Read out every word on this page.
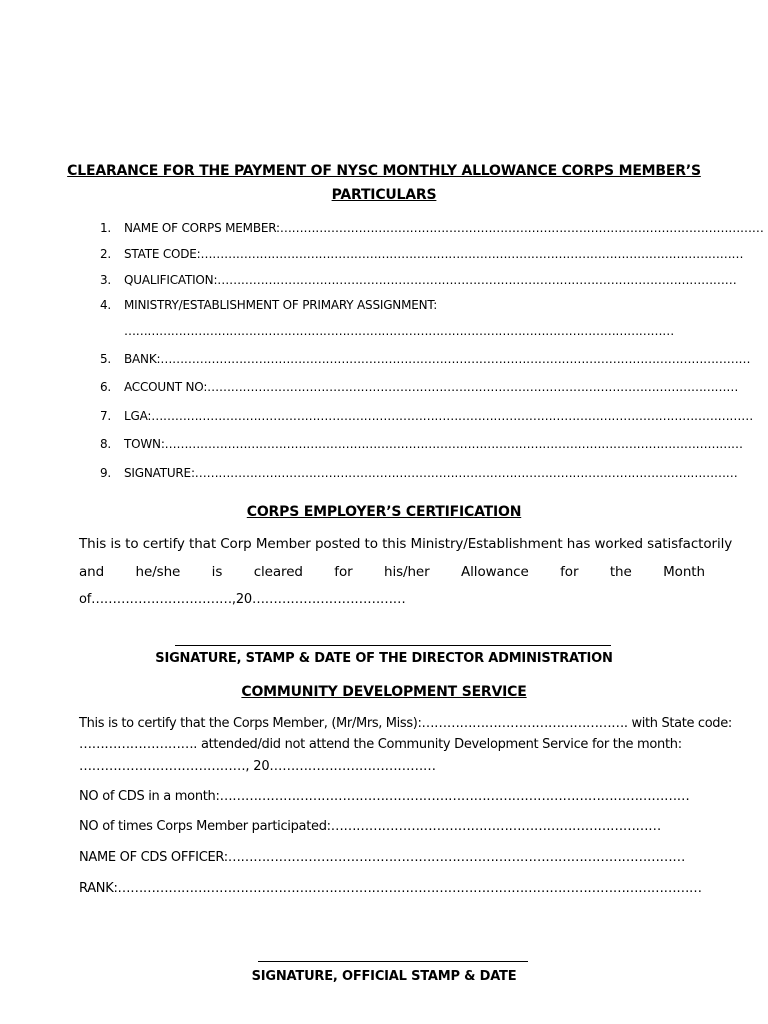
CLEARANCE FOR THE PAYMENT OF NYSC MONTHLY ALLOWANCE CORPS MEMBER’S
PARTICULARS
1. NAME OF CORPS MEMBER:……………………………………………………………………………………………………………
2. STATE CODE:…………………………………………………………………………………………………………………………
3. QUALIFICATION:……………………………………………………………………………………………………………………
4. MINISTRY/ESTABLISHMENT OF PRIMARY ASSIGNMENT:
……………………………………………………………………………………………………………………………
5. BANK:……………………………………………………………………………………………………………………………………
6. ACCOUNT NO:………………………………………………………………………………………………………………………
7. LGA:………………………………………………………………………………………………………………………………………
8. TOWN:…………………………………………………………………………………………………………………………………
9. SIGNATURE:…………………………………………………………………………………………………………………………
CORPS EMPLOYER’S CERTIFICATION
This is to certify that Corp Member posted to this Ministry/Establishment has worked satisfactorily
and he/she is cleared for his/her Allowance for the Month
of……………………………,20………………………………
SIGNATURE, STAMP & DATE OF THE DIRECTOR ADMINISTRATION
COMMUNITY DEVELOPMENT SERVICE
This is to certify that the Corps Member, (Mr/Mrs, Miss):…………………………………………. with State code:
………………………. attended/did not attend the Community Development Service for the month:
…………………………………, 20…………………………………
NO of CDS in a month:…………………………………………………………………………………………………
NO of times Corps Member participated:……………………………………………………………………
NAME OF CDS OFFICER:………………………………………………………………………………………………
RANK:…………………………………………………………………………………………………………………………
SIGNATURE, OFFICIAL STAMP & DATE
